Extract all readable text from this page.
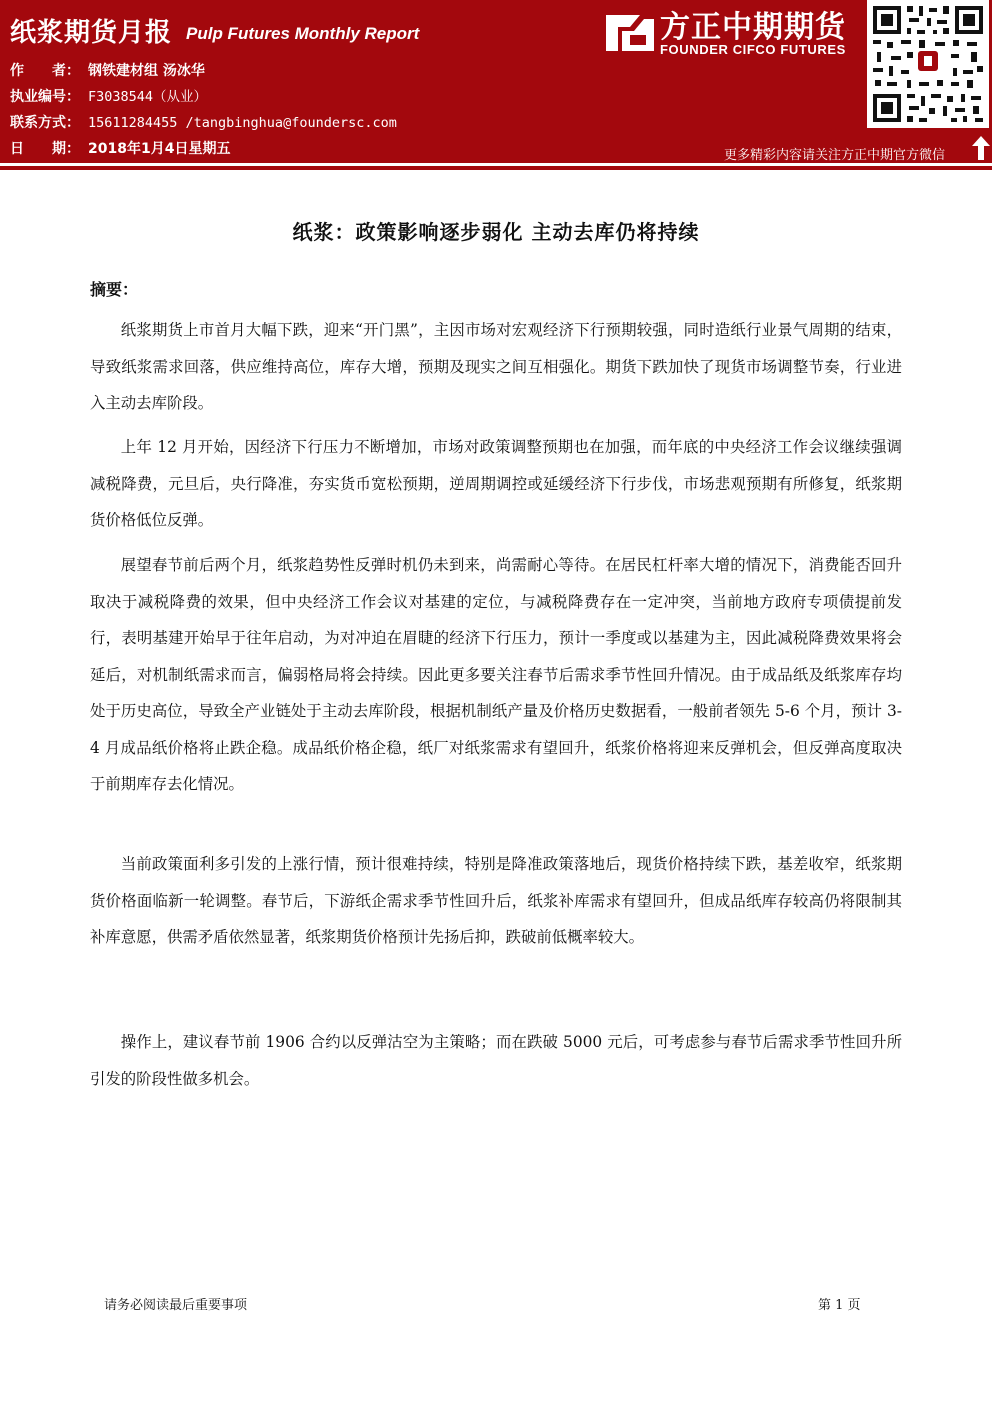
纸浆期货月报 Pulp Futures Monthly Report
作　　者： 钢铁建材组 汤冰华
执业编号： F3038544（从业）
联系方式： 15611284455 /tangbinghua@foundersc.com
日　　期： 2018年1月4日星期五
方正中期期货
FOUNDER CIFCO FUTURES
更多精彩内容请关注方正中期官方微信
纸浆：政策影响逐步弱化 主动去库仍将持续
摘要：

纸浆期货上市首月大幅下跌，迎来“开门黑”，主因市场对宏观经济下行预期较强，同时造纸行业景气周期的结束，导致纸浆需求回落，供应维持高位，库存大增，预期及现实之间互相强化。期货下跌加快了现货市场调整节奏，行业进入主动去库阶段。

上年 12 月开始，因经济下行压力不断增加，市场对政策调整预期也在加强，而年底的中央经济工作会议继续强调减税降费，元旦后，央行降准，夯实货币宽松预期，逆周期调控或延缓经济下行步伐，市场悲观预期有所修复，纸浆期货价格低位反弹。

展望春节前后两个月，纸浆趋势性反弹时机仍未到来，尚需耐心等待。在居民杠杆率大增的情况下，消费能否回升取决于减税降费的效果，但中央经济工作会议对基建的定位，与减税降费存在一定冲突，当前地方政府专项债提前发行，表明基建开始早于往年启动，为对冲迫在眉睫的经济下行压力，预计一季度或以基建为主，因此减税降费效果将会延后，对机制纸需求而言，偏弱格局将会持续。因此更多要关注春节后需求季节性回升情况。由于成品纸及纸浆库存均处于历史高位，导致全产业链处于主动去库阶段，根据机制纸产量及价格历史数据看，一般前者领先 5-6 个月，预计 3-4 月成品纸价格将止跌企稳。成品纸价格企稳，纸厂对纸浆需求有望回升，纸浆价格将迎来反弹机会，但反弹高度取决于前期库存去化情况。

当前政策面利多引发的上涨行情，预计很难持续，特别是降准政策落地后，现货价格持续下跌，基差收窄，纸浆期货价格面临新一轮调整。春节后，下游纸企需求季节性回升后，纸浆补库需求有望回升，但成品纸库存较高仍将限制其补库意愿，供需矛盾依然显著，纸浆期货价格预计先扬后抑，跌破前低概率较大。

操作上，建议春节前 1906 合约以反弹沽空为主策略；而在跌破 5000 元后，可考虑参与春节后需求季节性回升所引发的阶段性做多机会。

请务必阅读最后重要事项	第 1 页
